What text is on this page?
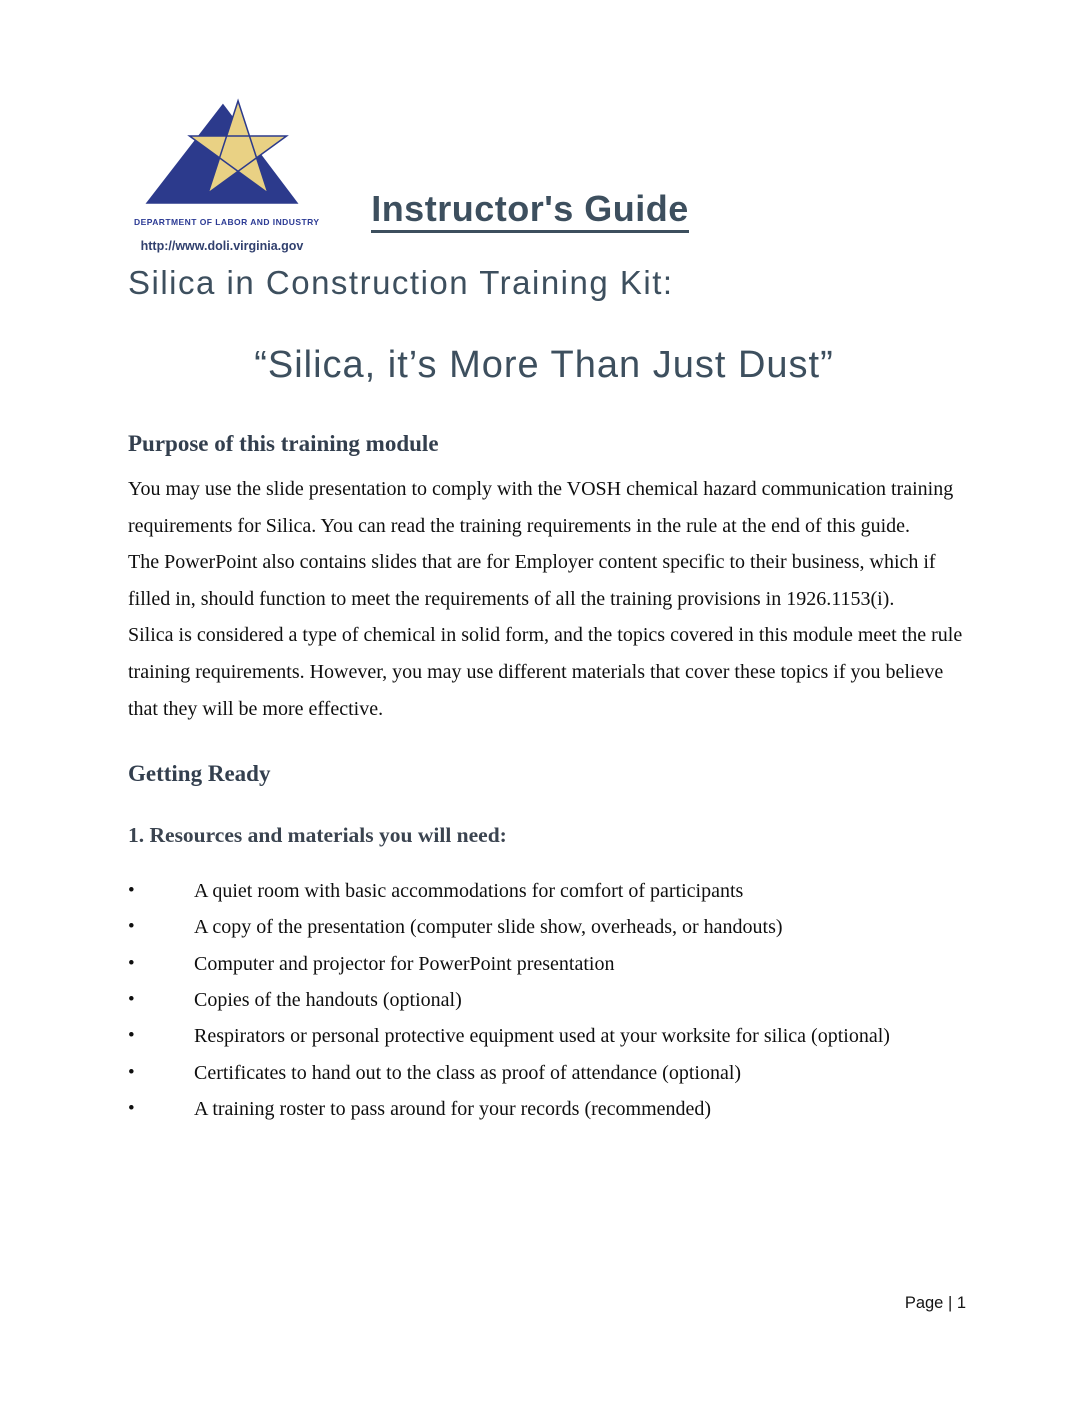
DEPARTMENT OF LABOR AND INDUSTRY
http://www.doli.virginia.gov
Instructor's Guide
Silica in Construction Training Kit:
“Silica, it’s More Than Just Dust”
Purpose of this training module

You may use the slide presentation to comply with the VOSH chemical hazard communication training requirements for Silica. You can read the training requirements in the rule at the end of this guide.

The PowerPoint also contains slides that are for Employer content specific to their business, which if filled in, should function to meet the requirements of all the training provisions in 1926.1153(i).

Silica is considered a type of chemical in solid form, and the topics covered in this module meet the rule training requirements. However, you may use different materials that cover these topics if you believe that they will be more effective.

Getting Ready
1. Resources and materials you will need:
• A quiet room with basic accommodations for comfort of participants
• A copy of the presentation (computer slide show, overheads, or handouts)
• Computer and projector for PowerPoint presentation
• Copies of the handouts (optional)
• Respirators or personal protective equipment used at your worksite for silica (optional)
• Certificates to hand out to the class as proof of attendance (optional)
• A training roster to pass around for your records (recommended)
Page | 1
